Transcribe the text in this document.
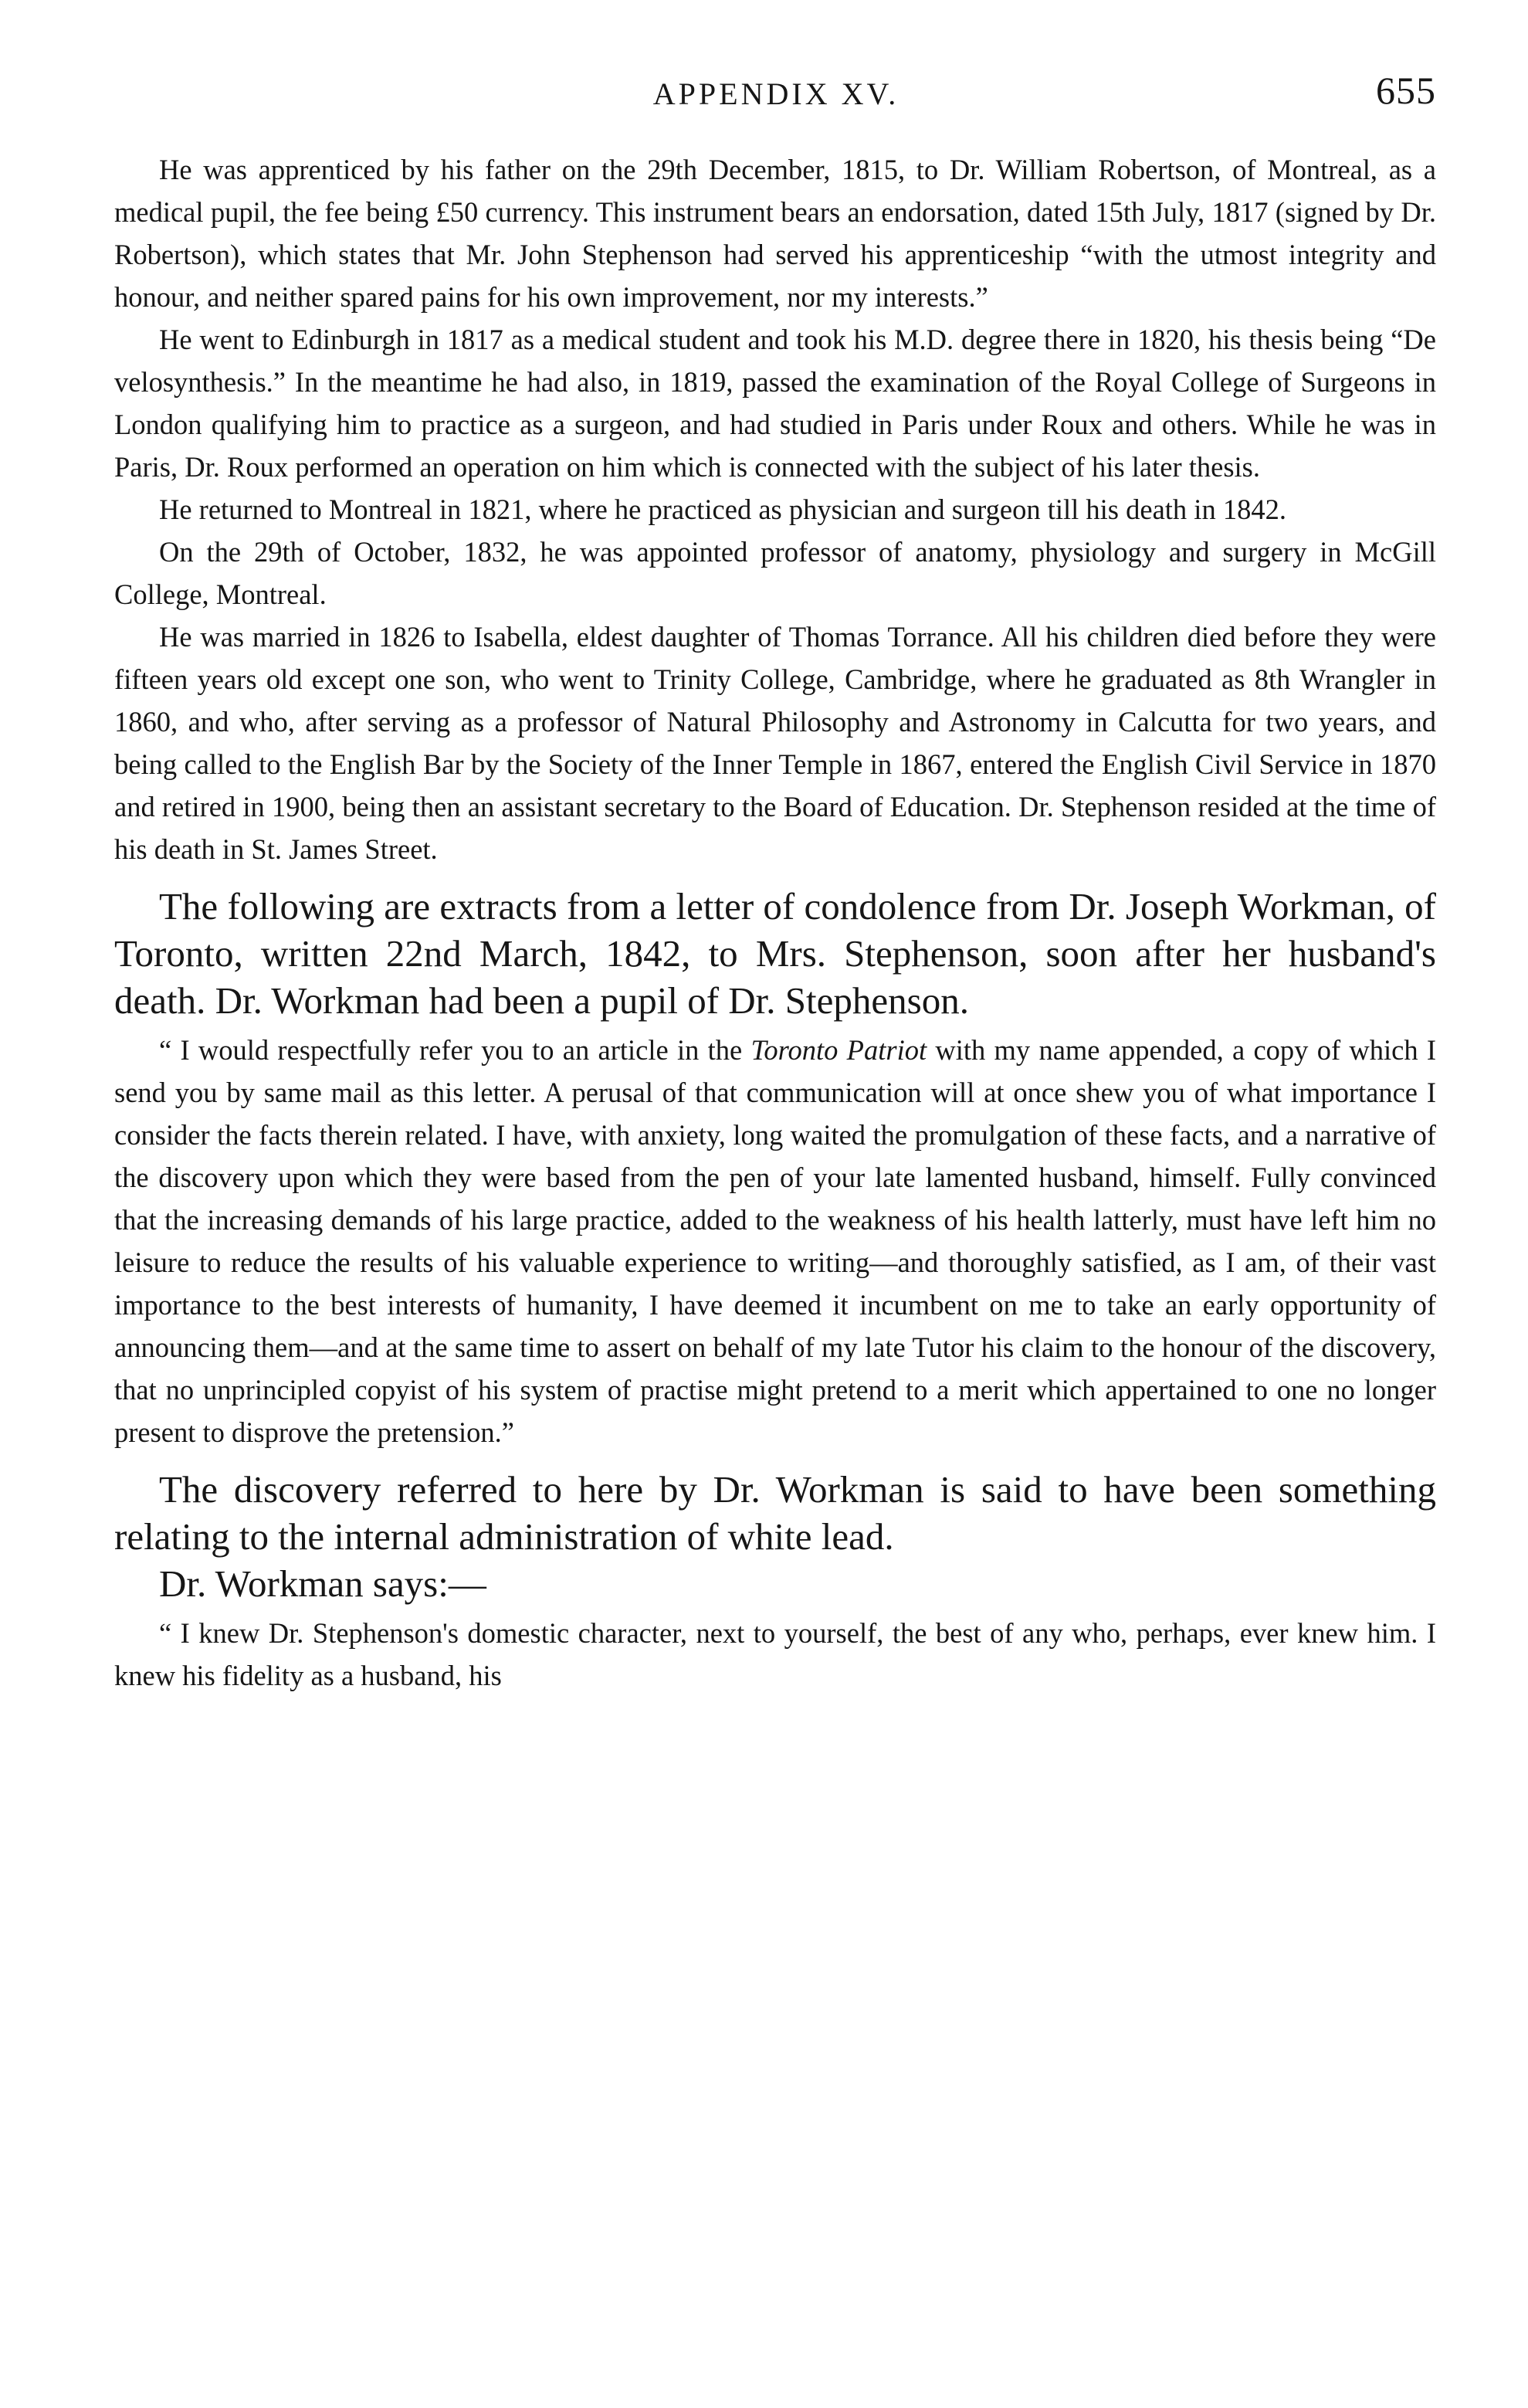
APPENDIX XV.	655

He was apprenticed by his father on the 29th December, 1815, to Dr. William Robertson, of Montreal, as a medical pupil, the fee being £50 currency. This instrument bears an endorsation, dated 15th July, 1817 (signed by Dr. Robertson), which states that Mr. John Stephenson had served his apprenticeship “with the utmost integrity and honour, and neither spared pains for his own improvement, nor my interests.”

He went to Edinburgh in 1817 as a medical student and took his M.D. degree there in 1820, his thesis being “De velosynthesis.” In the meantime he had also, in 1819, passed the examination of the Royal College of Surgeons in London qualifying him to practice as a surgeon, and had studied in Paris under Roux and others. While he was in Paris, Dr. Roux performed an operation on him which is connected with the subject of his later thesis.

He returned to Montreal in 1821, where he practiced as physician and surgeon till his death in 1842.

On the 29th of October, 1832, he was appointed professor of anatomy, physiology and surgery in McGill College, Montreal.

He was married in 1826 to Isabella, eldest daughter of Thomas Torrance. All his children died before they were fifteen years old except one son, who went to Trinity College, Cambridge, where he graduated as 8th Wrangler in 1860, and who, after serving as a professor of Natural Philosophy and Astronomy in Calcutta for two years, and being called to the English Bar by the Society of the Inner Temple in 1867, entered the English Civil Service in 1870 and retired in 1900, being then an assistant secretary to the Board of Education. Dr. Stephenson resided at the time of his death in St. James Street.

The following are extracts from a letter of condolence from Dr. Joseph Workman, of Toronto, written 22nd March, 1842, to Mrs. Stephenson, soon after her husband's death. Dr. Workman had been a pupil of Dr. Stephenson.

“ I would respectfully refer you to an article in the Toronto Patriot with my name appended, a copy of which I send you by same mail as this letter. A perusal of that communication will at once shew you of what importance I consider the facts therein related. I have, with anxiety, long waited the promulgation of these facts, and a narrative of the discovery upon which they were based from the pen of your late lamented husband, himself. Fully convinced that the increasing demands of his large practice, added to the weakness of his health latterly, must have left him no leisure to reduce the results of his valuable experience to writing—and thoroughly satisfied, as I am, of their vast importance to the best interests of humanity, I have deemed it incumbent on me to take an early opportunity of announcing them—and at the same time to assert on behalf of my late Tutor his claim to the honour of the discovery, that no unprincipled copyist of his system of practise might pretend to a merit which appertained to one no longer present to disprove the pretension.”

The discovery referred to here by Dr. Workman is said to have been something relating to the internal administration of white lead.

Dr. Workman says:—

“ I knew Dr. Stephenson's domestic character, next to yourself, the best of any who, perhaps, ever knew him. I knew his fidelity as a husband, his
